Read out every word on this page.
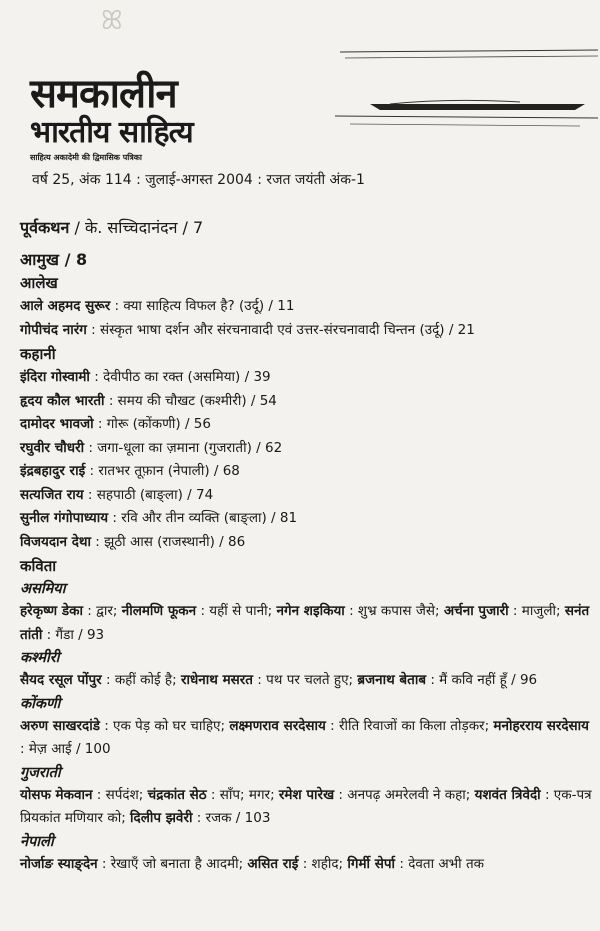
ꕤ
समकालीन
भारतीय साहित्य
साहित्य अकादेमी की द्विमासिक पत्रिका
वर्ष 25, अंक 114 : जुलाई-अगस्त 2004 : रजत जयंती अंक-1
पूर्वकथन / के. सच्चिदानंदन / 7
आमुख / 8
आलेख
आले अहमद सुरूर : क्या साहित्य विफल है? (उर्दू) / 11
गोपीचंद नारंग : संस्कृत भाषा दर्शन और संरचनावादी एवं उत्तर-संरचनावादी चिन्तन (उर्दू) / 21
कहानी
इंदिरा गोस्वामी : देवीपीठ का रक्त (असमिया) / 39
हृदय कौल भारती : समय की चौखट (कश्मीरी) / 54
दामोदर भावजो : गोरू (कोंकणी) / 56
रघुवीर चौधरी : जगा-धूला का ज़माना (गुजराती) / 62
इंद्रबहादुर राई : रातभर तूफ़ान (नेपाली) / 68
सत्यजित राय : सहपाठी (बाङ्ला) / 74
सुनील गंगोपाध्याय : रवि और तीन व्यक्ति (बाङ्ला) / 81
विजयदान देथा : झूठी आस (राजस्थानी) / 86
कविता
असमिया
हरेकृष्ण डेका : द्वार; नीलमणि फूकन : यहीं से पानी; नगेन शइकिया : शुभ्र कपास जैसे; अर्चना पुजारी : माजुली; सनंत तांती : गैंडा / 93
कश्मीरी
सैयद रसूल पोंपुर : कहीं कोई है; राधेनाथ मसरत : पथ पर चलते हुए; ब्रजनाथ बेताब : मैं कवि नहीं हूँ / 96
कोंकणी
अरुण साखरदांडे : एक पेड़ को घर चाहिए; लक्ष्मणराव सरदेसाय : रीति रिवाजों का किला तोड़कर; मनोहरराय सरदेसाय : मेज़ आई / 100
गुजराती
योसफ मेकवान : सर्पदंश; चंद्रकांत सेठ : साँप; मगर; रमेश पारेख : अनपढ़ अमरेलवी ने कहा; यशवंत त्रिवेदी : एक-पत्र प्रियकांत मणियार को; दिलीप झवेरी : रजक / 103
नेपाली
नोर्जाङ स्याङ्देन : रेखाएँ जो बनाता है आदमी; असित राई : शहीद; गिर्मी सेर्पा : देवता अभी तक
